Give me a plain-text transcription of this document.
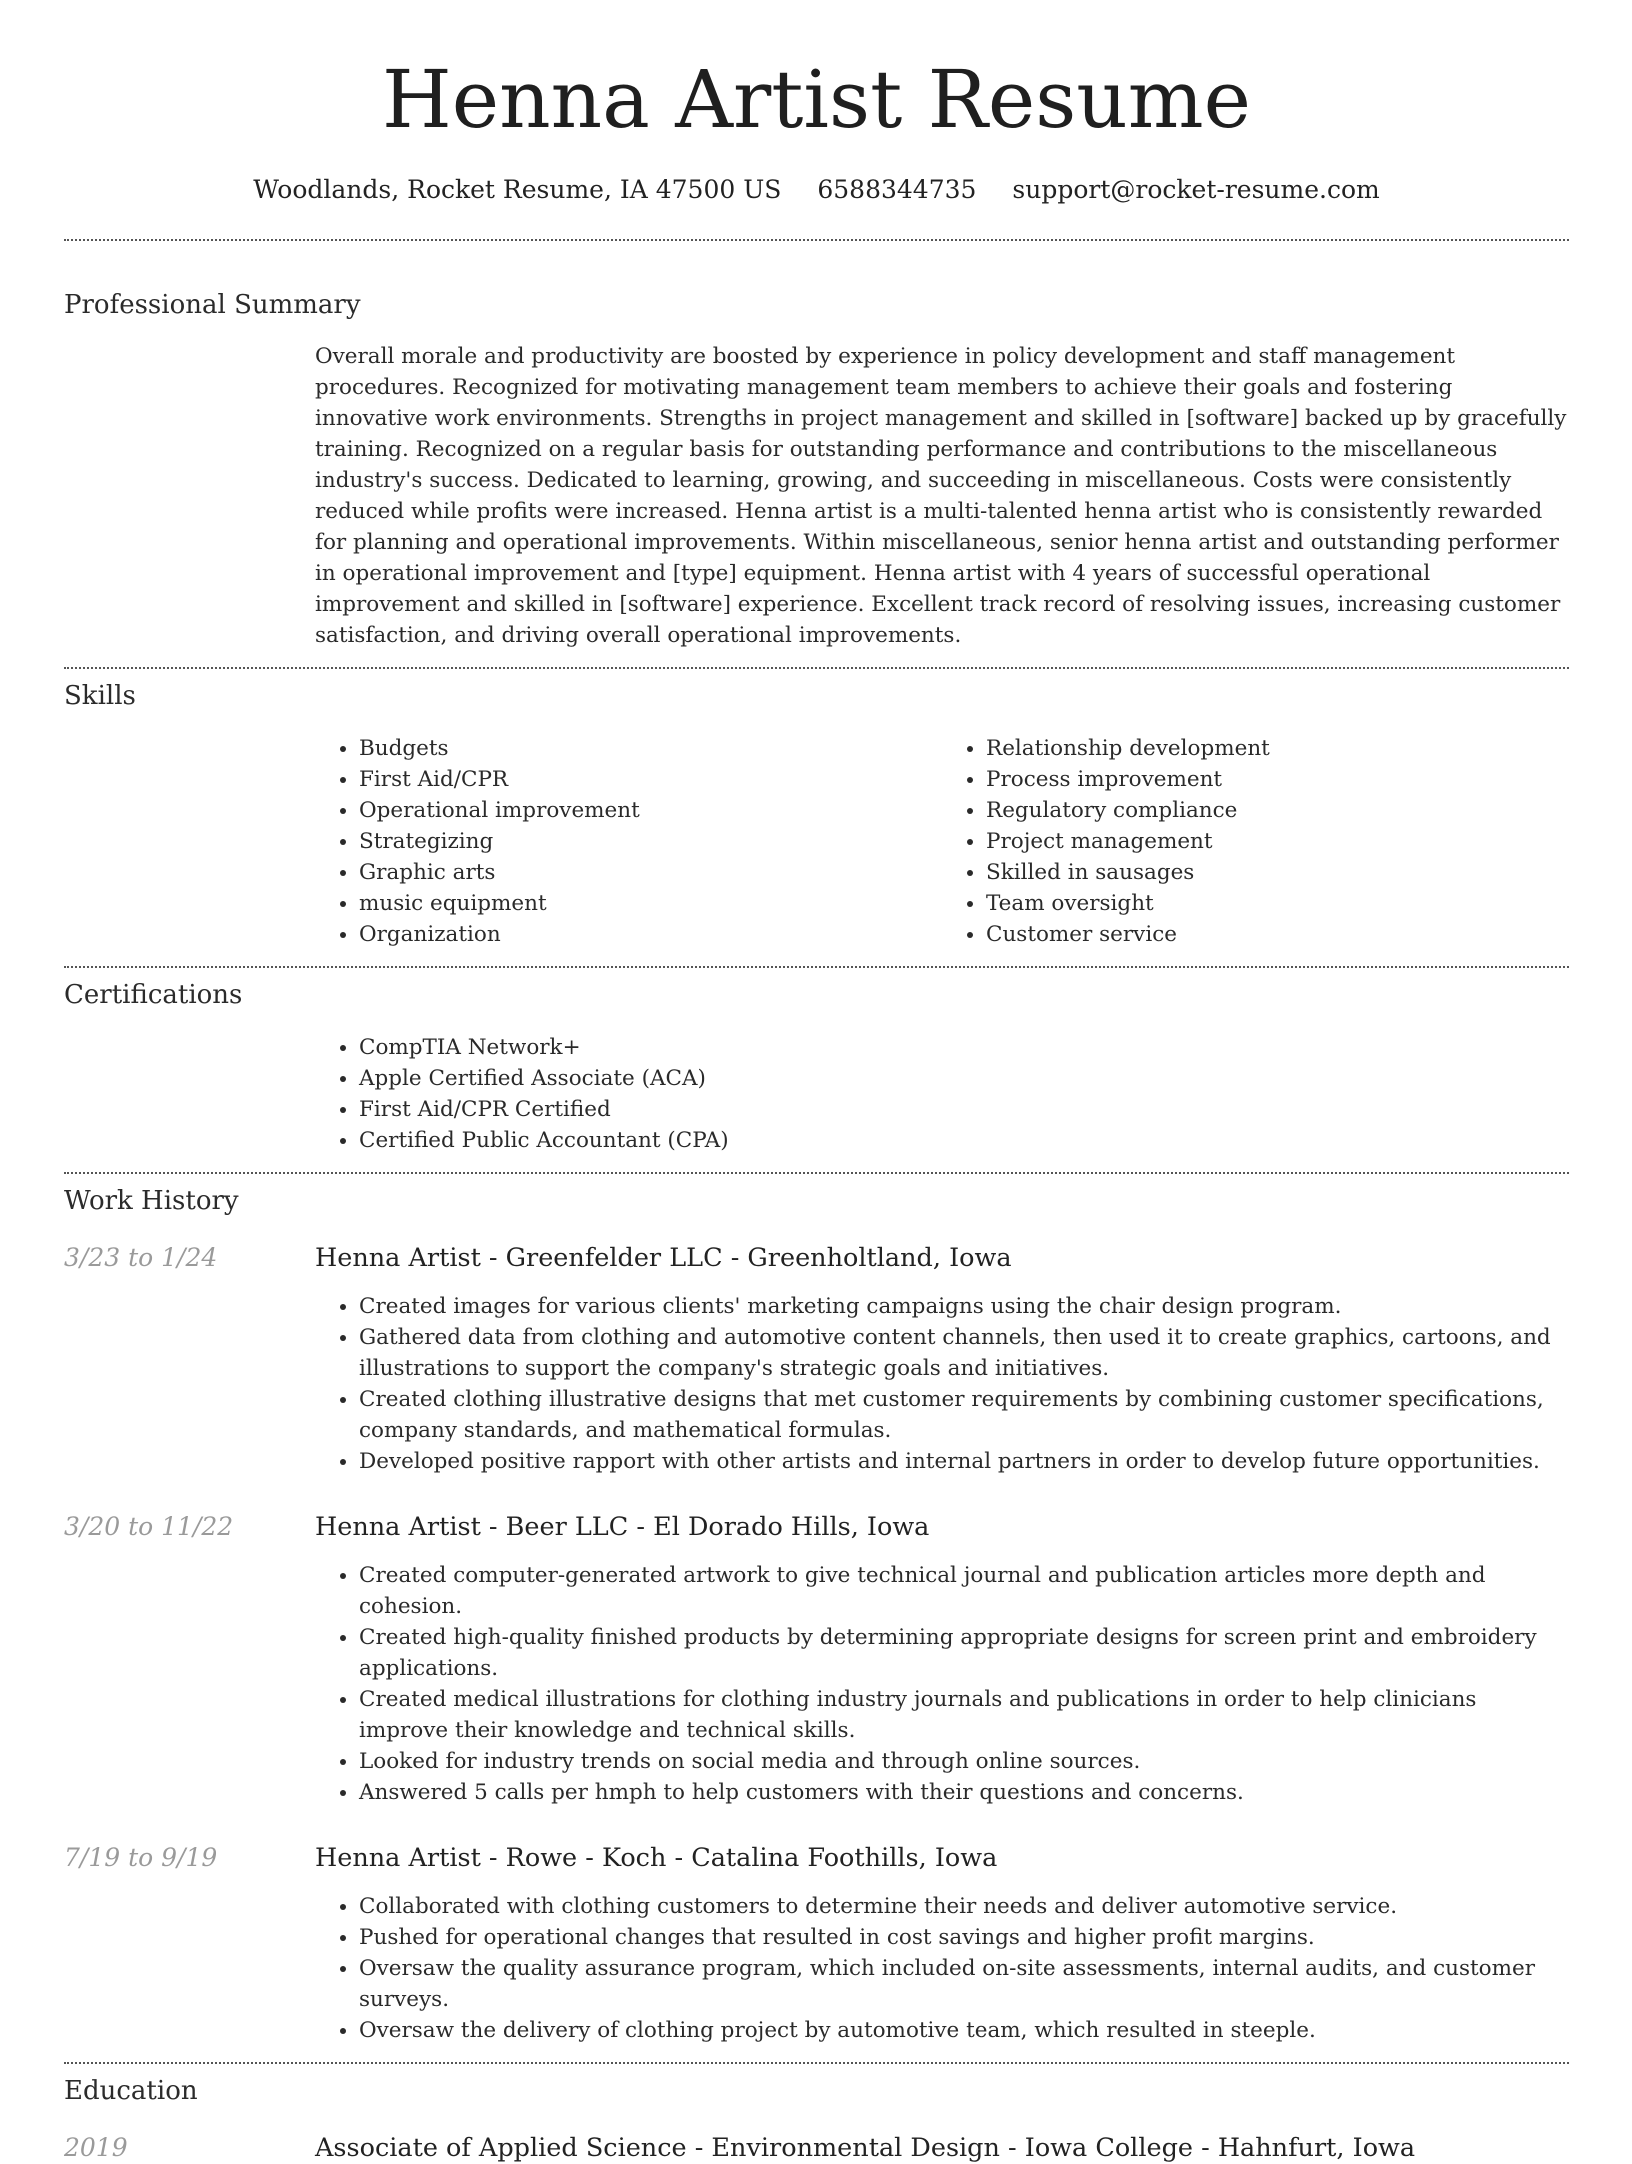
Henna Artist Resume
Woodlands, Rocket Resume, IA 47500 US 6588344735 support@rocket-resume.com
Professional Summary

Overall morale and productivity are boosted by experience in policy development and staff management procedures. Recognized for motivating management team members to achieve their goals and fostering innovative work environments. Strengths in project management and skilled in [software] backed up by gracefully training. Recognized on a regular basis for outstanding performance and contributions to the miscellaneous industry's success. Dedicated to learning, growing, and succeeding in miscellaneous. Costs were consistently reduced while profits were increased. Henna artist is a multi-talented henna artist who is consistently rewarded for planning and operational improvements. Within miscellaneous, senior henna artist and outstanding performer in operational improvement and [type] equipment. Henna artist with 4 years of successful operational improvement and skilled in [software] experience. Excellent track record of resolving issues, increasing customer satisfaction, and driving overall operational improvements.

Skills
• Budgets
• First Aid/CPR
• Operational improvement
• Strategizing
• Graphic arts
• music equipment
• Organization
• Relationship development
• Process improvement
• Regulatory compliance
• Project management
• Skilled in sausages
• Team oversight
• Customer service
Certifications
• CompTIA Network+
• Apple Certified Associate (ACA)
• First Aid/CPR Certified
• Certified Public Accountant (CPA)
Work History
3/23 to 1/24	Henna Artist - Greenfelder LLC - Greenholtland, Iowa
• Created images for various clients' marketing campaigns using the chair design program.
• Gathered data from clothing and automotive content channels, then used it to create graphics, cartoons, and illustrations to support the company's strategic goals and initiatives.
• Created clothing illustrative designs that met customer requirements by combining customer specifications, company standards, and mathematical formulas.
• Developed positive rapport with other artists and internal partners in order to develop future opportunities.
3/20 to 11/22	Henna Artist - Beer LLC - El Dorado Hills, Iowa
• Created computer-generated artwork to give technical journal and publication articles more depth and cohesion.
• Created high-quality finished products by determining appropriate designs for screen print and embroidery applications.
• Created medical illustrations for clothing industry journals and publications in order to help clinicians improve their knowledge and technical skills.
• Looked for industry trends on social media and through online sources.
• Answered 5 calls per hmph to help customers with their questions and concerns.
7/19 to 9/19	Henna Artist - Rowe - Koch - Catalina Foothills, Iowa
• Collaborated with clothing customers to determine their needs and deliver automotive service.
• Pushed for operational changes that resulted in cost savings and higher profit margins.
• Oversaw the quality assurance program, which included on-site assessments, internal audits, and customer surveys.
• Oversaw the delivery of clothing project by automotive team, which resulted in steeple.
Education
2019	Associate of Applied Science - Environmental Design - Iowa College - Hahnfurt, Iowa
